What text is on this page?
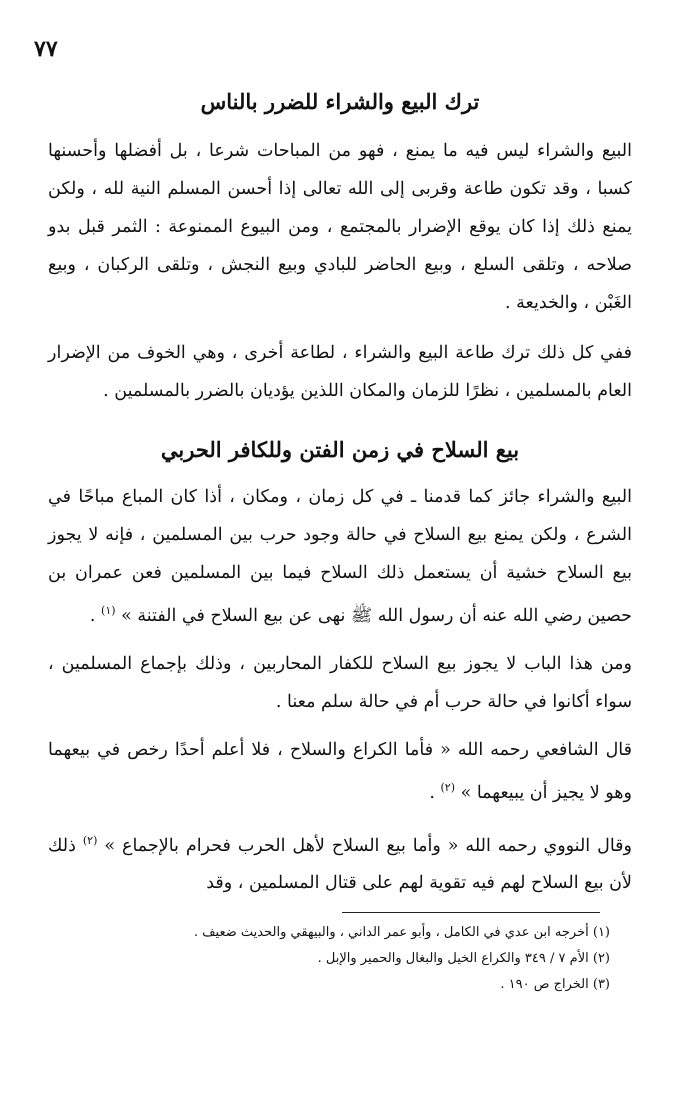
٧٧
ترك البيع والشراء للضرر بالناس

البيع والشراء ليس فيه ما يمنع ، فهو من المباحات شرعا ، بل أفضلها وأحسنها كسبا ، وقد تكون طاعة وقربى إلى الله تعالى إذا أحسن المسلم النية لله ، ولكن يمنع ذلك إذا كان يوقع الإضرار بالمجتمع ، ومن البيوع الممنوعة : الثمر قبل بدو صلاحه ، وتلقى السلع ، وبيع الحاضر للبادي وبيع النجش ، وتلقى الركبان ، وبيع الغَبْن ، والخديعة .

ففي كل ذلك ترك طاعة البيع والشراء ، لطاعة أخرى ، وهي الخوف من الإضرار العام بالمسلمين ، نظرًا للزمان والمكان اللذين يؤديان بالضرر بالمسلمين .

بيع السلاح في زمن الفتن وللكافر الحربي

البيع والشراء جائز كما قدمنا ـ في كل زمان ، ومكان ، أذا كان المباع مباحًا في الشرع ، ولكن يمنع بيع السلاح في حالة وجود حرب بين المسلمين ، فإنه لا يجوز بيع السلاح خشية أن يستعمل ذلك السلاح فيما بين المسلمين فعن عمران بن حصين رضي الله عنه أن رسول الله ﷺ نهى عن بيع السلاح في الفتنة » $^{(١)}$ .

ومن هذا الباب لا يجوز بيع السلاح للكفار المحاربين ، وذلك بإجماع المسلمين ، سواء أكانوا في حالة حرب أم في حالة سلم معنا .

قال الشافعي رحمه الله « فأما الكراع والسلاح ، فلا أعلم أحدًا رخص في بيعهما وهو لا يجيز أن يبيعهما » $^{(٢)}$ .

وقال النووي رحمه الله « وأما بيع السلاح لأهل الحرب فحرام بالإجماع » $^{(٢)}$ ذلك لأن بيع السلاح لهم فيه تقوية لهم على قتال المسلمين ، وقد

(١) أخرجه ابن عدي في الكامل ، وأبو عمر الداني ، والبيهقي والحديث ضعيف .

(٢) الأم ٧ / ٣٤٩ والكراع الخيل والبغال والحمير والإبل .

(٣) الخراج ص ١٩٠ .
